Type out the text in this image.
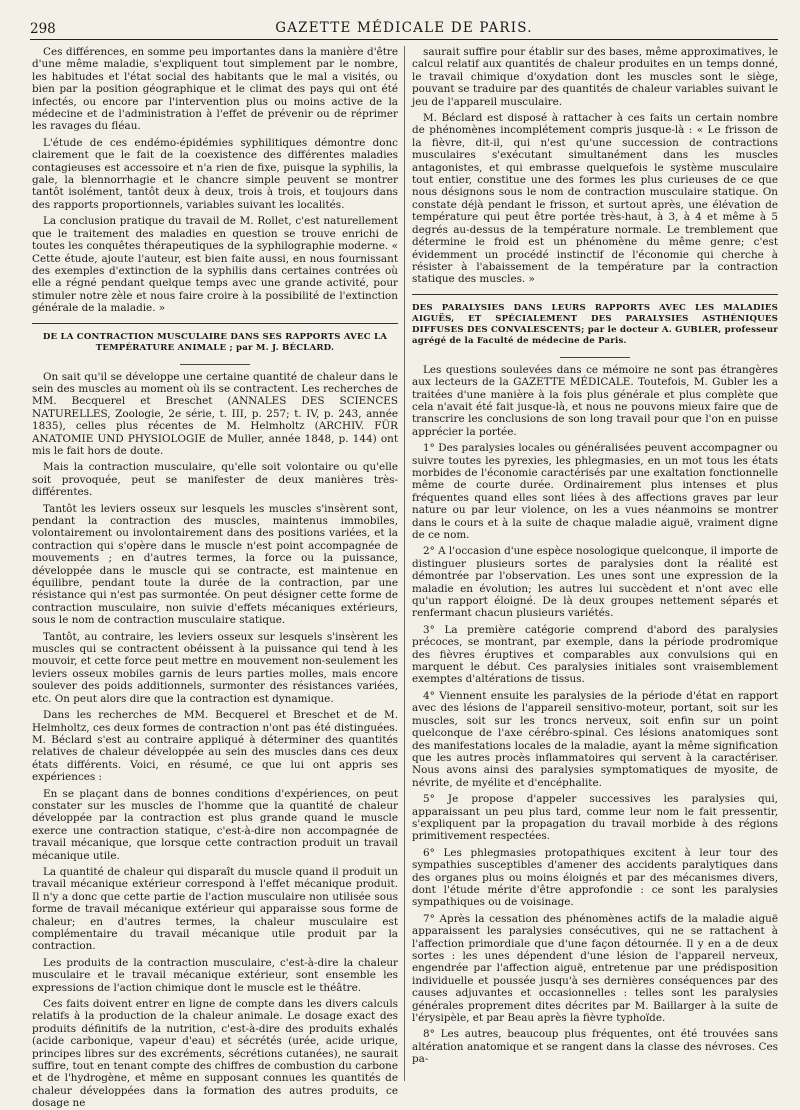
298	GAZETTE MÉDICALE DE PARIS.

Ces différences, en somme peu importantes dans la manière d'être d'une même maladie, s'expliquent tout simplement par le nombre, les habitudes et l'état social des habitants que le mal a visités, ou bien par la position géographique et le climat des pays qui ont été infectés, ou encore par l'intervention plus ou moins active de la médecine et de l'administration à l'effet de prévenir ou de réprimer les ravages du fléau.

L'étude de ces endémo-épidémies syphilitiques démontre donc clairement que le fait de la coexistence des différentes maladies contagieuses est accessoire et n'a rien de fixe, puisque la syphilis, la gale, la blennorrhagie et le chancre simple peuvent se montrer tantôt isolément, tantôt deux à deux, trois à trois, et toujours dans des rapports proportionnels, variables suivant les localités.

La conclusion pratique du travail de M. Rollet, c'est naturellement que le traitement des maladies en question se trouve enrichi de toutes les conquêtes thérapeutiques de la syphilographie moderne. « Cette étude, ajoute l'auteur, est bien faite aussi, en nous fournissant des exemples d'extinction de la syphilis dans certaines contrées où elle a régné pendant quelque temps avec une grande activité, pour stimuler notre zèle et nous faire croire à la possibilité de l'extinction générale de la maladie. »

DE LA CONTRACTION MUSCULAIRE DANS SES RAPPORTS AVEC LA TEMPÉRATURE ANIMALE ; par M. J. BÉCLARD.

On sait qu'il se développe une certaine quantité de chaleur dans le sein des muscles au moment où ils se contractent. Les recherches de MM. Becquerel et Breschet (ANNALES DES SCIENCES NATURELLES, Zoologie, 2e série, t. III, p. 257; t. IV, p. 243, année 1835), celles plus récentes de M. Helmholtz (ARCHIV. FÜR ANATOMIE UND PHYSIOLOGIE de Muller, année 1848, p. 144) ont mis le fait hors de doute.

Mais la contraction musculaire, qu'elle soit volontaire ou qu'elle soit provoquée, peut se manifester de deux manières très-différentes.

Tantôt les leviers osseux sur lesquels les muscles s'insèrent sont, pendant la contraction des muscles, maintenus immobiles, volontairement ou involontairement dans des positions variées, et la contraction qui s'opère dans le muscle n'est point accompagnée de mouvements ; en d'autres termes, la force ou la puissance, développée dans le muscle qui se contracte, est maintenue en équilibre, pendant toute la durée de la contraction, par une résistance qui n'est pas surmontée. On peut désigner cette forme de contraction musculaire, non suivie d'effets mécaniques extérieurs, sous le nom de contraction musculaire statique.

Tantôt, au contraire, les leviers osseux sur lesquels s'insèrent les muscles qui se contractent obéissent à la puissance qui tend à les mouvoir, et cette force peut mettre en mouvement non-seulement les leviers osseux mobiles garnis de leurs parties molles, mais encore soulever des poids additionnels, surmonter des résistances variées, etc. On peut alors dire que la contraction est dynamique.

Dans les recherches de MM. Becquerel et Breschet et de M. Helmholtz, ces deux formes de contraction n'ont pas été distinguées. M. Béclard s'est au contraire appliqué à déterminer des quantités relatives de chaleur développée au sein des muscles dans ces deux états différents. Voici, en résumé, ce que lui ont appris ses expériences :

En se plaçant dans de bonnes conditions d'expériences, on peut constater sur les muscles de l'homme que la quantité de chaleur développée par la contraction est plus grande quand le muscle exerce une contraction statique, c'est-à-dire non accompagnée de travail mécanique, que lorsque cette contraction produit un travail mécanique utile.

La quantité de chaleur qui disparaît du muscle quand il produit un travail mécanique extérieur correspond à l'effet mécanique produit. Il n'y a donc que cette partie de l'action musculaire non utilisée sous forme de travail mécanique extérieur qui apparaisse sous forme de chaleur; en d'autres termes, la chaleur musculaire est complémentaire du travail mécanique utile produit par la contraction.

Les produits de la contraction musculaire, c'est-à-dire la chaleur musculaire et le travail mécanique extérieur, sont ensemble les expressions de l'action chimique dont le muscle est le théâtre.

Ces faits doivent entrer en ligne de compte dans les divers calculs relatifs à la production de la chaleur animale. Le dosage exact des produits définitifs de la nutrition, c'est-à-dire des produits exhalés (acide carbonique, vapeur d'eau) et sécrétés (urée, acide urique, principes libres sur des excréments, sécrétions cutanées), ne saurait suffire, tout en tenant compte des chiffres de combustion du carbone et de l'hydrogène, et même en supposant connues les quantités de chaleur développées dans la formation des autres produits, ce dosage ne

saurait suffire pour établir sur des bases, même approximatives, le calcul relatif aux quantités de chaleur produites en un temps donné, le travail chimique d'oxydation dont les muscles sont le siège, pouvant se traduire par des quantités de chaleur variables suivant le jeu de l'appareil musculaire.

M. Béclard est disposé à rattacher à ces faits un certain nombre de phénomènes incomplétement compris jusque-là : « Le frisson de la fièvre, dit-il, qui n'est qu'une succession de contractions musculaires s'exécutant simultanément dans les muscles antagonistes, et qui embrasse quelquefois le système musculaire tout entier, constitue une des formes les plus curieuses de ce que nous désignons sous le nom de contraction musculaire statique. On constate déjà pendant le frisson, et surtout après, une élévation de température qui peut être portée très-haut, à 3, à 4 et même à 5 degrés au-dessus de la température normale. Le tremblement que détermine le froid est un phénomène du même genre; c'est évidemment un procédé instinctif de l'économie qui cherche à résister à l'abaissement de la température par la contraction statique des muscles. »

DES PARALYSIES DANS LEURS RAPPORTS AVEC LES MALADIES AIGUËS, ET SPÉCIALEMENT DES PARALYSIES ASTHÉNIQUES DIFFUSES DES CONVALESCENTS; par le docteur A. GUBLER, professeur agrégé de la Faculté de médecine de Paris.

Les questions soulevées dans ce mémoire ne sont pas étrangères aux lecteurs de la GAZETTE MÉDICALE. Toutefois, M. Gubler les a traitées d'une manière à la fois plus générale et plus complète que cela n'avait été fait jusque-là, et nous ne pouvons mieux faire que de transcrire les conclusions de son long travail pour que l'on en puisse apprécier la portée.

1° Des paralysies locales ou généralisées peuvent accompagner ou suivre toutes les pyrexies, les phlegmasies, en un mot tous les états morbides de l'économie caractérisés par une exaltation fonctionnelle même de courte durée. Ordinairement plus intenses et plus fréquentes quand elles sont liées à des affections graves par leur nature ou par leur violence, on les a vues néanmoins se montrer dans le cours et à la suite de chaque maladie aiguë, vraiment digne de ce nom.

2° A l'occasion d'une espèce nosologique quelconque, il importe de distinguer plusieurs sortes de paralysies dont la réalité est démontrée par l'observation. Les unes sont une expression de la maladie en évolution; les autres lui succèdent et n'ont avec elle qu'un rapport éloigné. De là deux groupes nettement séparés et renfermant chacun plusieurs variétés.

3° La première catégorie comprend d'abord des paralysies précoces, se montrant, par exemple, dans la période prodromique des fièvres éruptives et comparables aux convulsions qui en marquent le début. Ces paralysies initiales sont vraisemblement exemptes d'altérations de tissus.

4° Viennent ensuite les paralysies de la période d'état en rapport avec des lésions de l'appareil sensitivo-moteur, portant, soit sur les muscles, soit sur les troncs nerveux, soit enfin sur un point quelconque de l'axe cérébro-spinal. Ces lésions anatomiques sont des manifestations locales de la maladie, ayant la même signification que les autres procès inflammatoires qui servent à la caractériser. Nous avons ainsi des paralysies symptomatiques de myosite, de névrite, de myélite et d'encéphalite.

5° Je propose d'appeler successives les paralysies qui, apparaissant un peu plus tard, comme leur nom le fait pressentir, s'expliquent par la propagation du travail morbide à des régions primitivement respectées.

6° Les phlegmasies protopathiques excitent à leur tour des sympathies susceptibles d'amener des accidents paralytiques dans des organes plus ou moins éloignés et par des mécanismes divers, dont l'étude mérite d'être approfondie : ce sont les paralysies sympathiques ou de voisinage.

7° Après la cessation des phénomènes actifs de la maladie aiguë apparaissent les paralysies consécutives, qui ne se rattachent à l'affection primordiale que d'une façon détournée. Il y en a de deux sortes : les unes dépendent d'une lésion de l'appareil nerveux, engendrée par l'affection aiguë, entretenue par une prédisposition individuelle et poussée jusqu'à ses dernières conséquences par des causes adjuvantes et occasionnelles : telles sont les paralysies générales proprement dites décrites par M. Baillarger à la suite de l'érysipèle, et par Beau après la fièvre typhoïde.

8° Les autres, beaucoup plus fréquentes, ont été trouvées sans altération anatomique et se rangent dans la classe des névroses. Ces pa-
